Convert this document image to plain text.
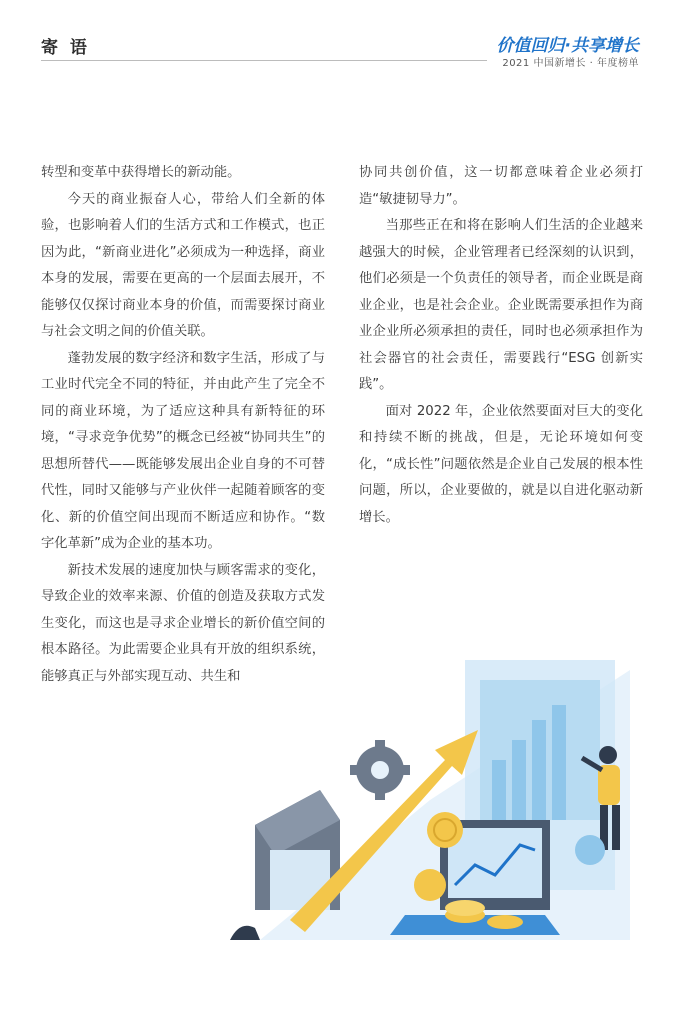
寄 语	价值回归·共享增长
2021 中国新增长 · 年度榜单

转型和变革中获得增长的新动能。

今天的商业振奋人心，带给人们全新的体验，也影响着人们的生活方式和工作模式，也正因为此，“新商业进化”必须成为一种选择，商业本身的发展，需要在更高的一个层面去展开，不能够仅仅探讨商业本身的价值，而需要探讨商业与社会文明之间的价值关联。

蓬勃发展的数字经济和数字生活，形成了与工业时代完全不同的特征，并由此产生了完全不同的商业环境，为了适应这种具有新特征的环境，“寻求竞争优势”的概念已经被“协同共生”的思想所替代——既能够发展出企业自身的不可替代性，同时又能够与产业伙伴一起随着顾客的变化、新的价值空间出现而不断适应和协作。“数字化革新”成为企业的基本功。

新技术发展的速度加快与顾客需求的变化，导致企业的效率来源、价值的创造及获取方式发生变化，而这也是寻求企业增长的新价值空间的根本路径。为此需要企业具有开放的组织系统，能够真正与外部实现互动、共生和

协同共创价值，这一切都意味着企业必须打造“敏捷韧导力”。

当那些正在和将在影响人们生活的企业越来越强大的时候，企业管理者已经深刻的认识到，他们必须是一个负责任的领导者，而企业既是商业企业，也是社会企业。企业既需要承担作为商业企业所必须承担的责任，同时也必须承担作为社会器官的社会责任，需要践行“ESG 创新实践”。

面对 2022 年，企业依然要面对巨大的变化和持续不断的挑战，但是，无论环境如何变化，“成长性”问题依然是企业自己发展的根本性问题，所以，企业要做的，就是以自进化驱动新增长。
